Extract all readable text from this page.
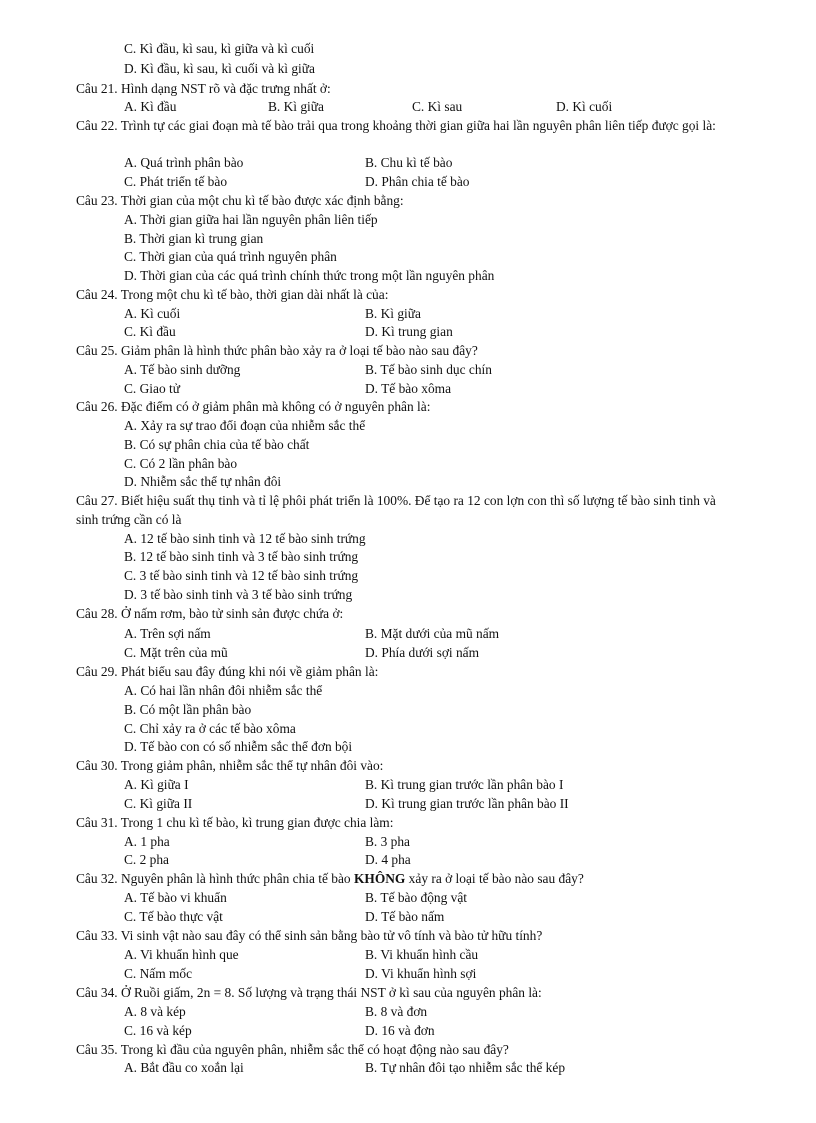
C. Kì đầu, kì sau, kì giữa và kì cuối
D. Kì đầu, kì sau, kì cuối và kì giữa
Câu 21. Hình dạng NST rõ và đặc trưng nhất ở:
A. Kì đầu	B. Kì giữa	C. Kì sau	D. Kì cuối
Câu 22. Trình tự các giai đoạn mà tế bào trải qua trong khoảng thời gian giữa hai lần nguyên phân liên tiếp được gọi là:
A. Quá trình phân bào	B. Chu kì tế bào
C. Phát triển tế bào	D. Phân chia tế bào
Câu 23. Thời gian của một chu kì tế bào được xác định bằng:
A. Thời gian giữa hai lần nguyên phân liên tiếp
B. Thời gian kì trung gian
C. Thời gian của quá trình nguyên phân
D. Thời gian của các quá trình chính thức trong một lần nguyên phân
Câu 24. Trong một chu kì tế bào, thời gian dài nhất là của:
A. Kì cuối	B. Kì giữa
C. Kì đầu	D. Kì trung gian
Câu 25. Giảm phân là hình thức phân bào xảy ra ở loại tế bào nào sau đây?
A. Tế bào sinh dưỡng	B. Tế bào sinh dục chín
C. Giao tử	D. Tế bào xôma
Câu 26. Đặc điểm có ở giảm phân mà không có ở nguyên phân là:
A. Xảy ra sự trao đổi đoạn của nhiễm sắc thể
B. Có sự phân chia của tế bào chất
C. Có 2 lần phân bào
D. Nhiễm sắc thể tự nhân đôi
Câu 27. Biết hiệu suất thụ tinh và tỉ lệ phôi phát triển là 100%. Để tạo ra 12 con lợn con thì số lượng tế bào sinh tinh và sinh trứng cần có là
A. 12 tế bào sinh tinh và 12 tế bào sinh trứng
B. 12 tế bào sinh tinh và 3 tế bào sinh trứng
C. 3 tế bào sinh tinh và 12 tế bào sinh trứng
D. 3 tế bào sinh tinh và 3 tế bào sinh trứng
Câu 28. Ở nấm rơm, bào tử sinh sản được chứa ở:
A. Trên sợi nấm	B. Mặt dưới của mũ nấm
C. Mặt trên của mũ	D. Phía dưới sợi nấm
Câu 29. Phát biểu sau đây đúng khi nói về giảm phân là:
A. Có hai lần nhân đôi nhiễm sắc thể
B. Có một lần phân bào
C. Chỉ xảy ra ở các tế bào xôma
D. Tế bào con có số nhiễm sắc thể đơn bội
Câu 30. Trong giảm phân, nhiễm sắc thể tự nhân đôi vào:
A. Kì giữa I	B. Kì trung gian trước lần phân bào I
C. Kì giữa II	D. Kì trung gian trước lần phân bào II
Câu 31. Trong 1 chu kì tế bào, kì trung gian được chia làm:
A. 1 pha	B. 3 pha
C. 2 pha	D. 4 pha
Câu 32. Nguyên phân là hình thức phân chia tế bào KHÔNG xảy ra ở loại tế bào nào sau đây?
A. Tế bào vi khuẩn	B. Tế bào động vật
C. Tế bào thực vật	D. Tế bào nấm
Câu 33. Vi sinh vật nào sau đây có thể sinh sản bằng bào tử vô tính và bào tử hữu tính?
A. Vi khuẩn hình que	B. Vi khuẩn hình cầu
C. Nấm mốc	D. Vi khuẩn hình sợi
Câu 34. Ở Ruồi giấm, 2n = 8. Số lượng và trạng thái NST ở kì sau của nguyên phân là:
A. 8 và kép	B. 8 và đơn
C. 16 và kép	D. 16 và đơn
Câu 35. Trong kì đầu của nguyên phân, nhiễm sắc thể có hoạt động nào sau đây?
A. Bắt đầu co xoắn lại	B. Tự nhân đôi tạo nhiễm sắc thể kép
